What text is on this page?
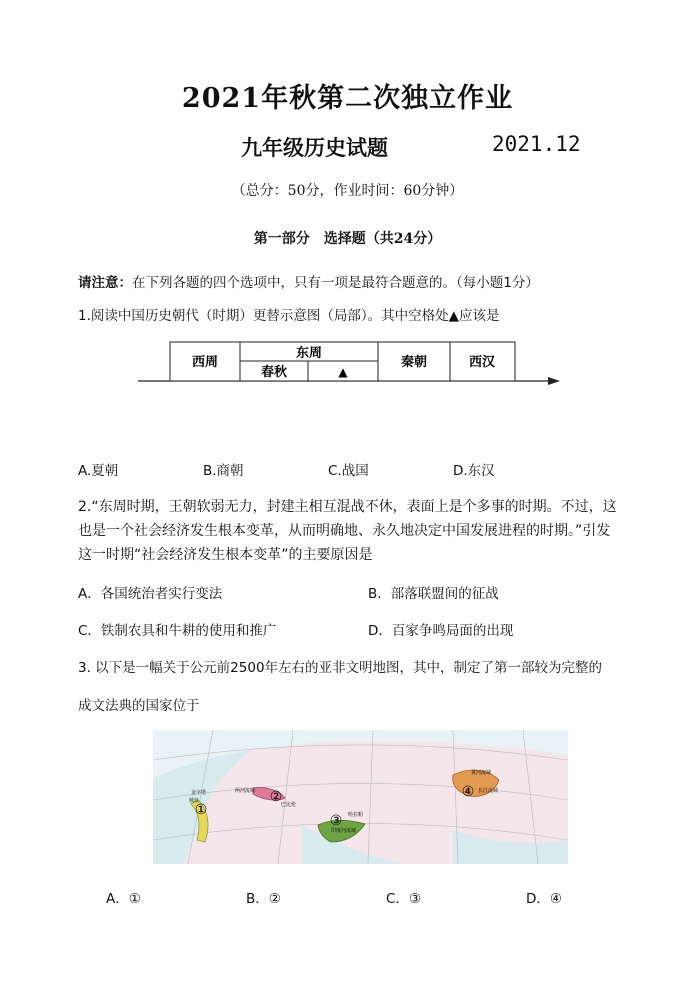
2021年秋第二次独立作业
九年级历史试题	2021.12
（总分：50分，作业时间：60分钟）
第一部分　选择题（共24分）
请注意：在下列各题的四个选项中，只有一项是最符合题意的。（每小题1分）
1.阅读中国历史朝代（时期）更替示意图（局部）。其中空格处▲应该是
西周
东周
春秋	▲
秦朝	西汉
A.夏朝	B.商朝	C.战国	D.东汉
2.“东周时期，王朝软弱无力，封建主相互混战不休，表面上是个多事的时期。不过，这
也是一个社会经济发生根本变革，从而明确地、永久地决定中国发展进程的时期。”引发
这一时期“社会经济发生根本变革”的主要原因是
A．各国统治者实行变法	B．部落联盟间的征战
C．铁制农具和牛耕的使用和推广	D．百家争鸣局面的出现
3. 以下是一幅关于公元前2500年左右的亚非文明地图，其中，制定了第一部较为完整的
成文法典的国家位于
①
②
③
④
金字塔
城址
两河流域
巴比伦
印度河流域
哈拉帕
黄河流域
长江流域
A．①	B．②	C．③	D．④
